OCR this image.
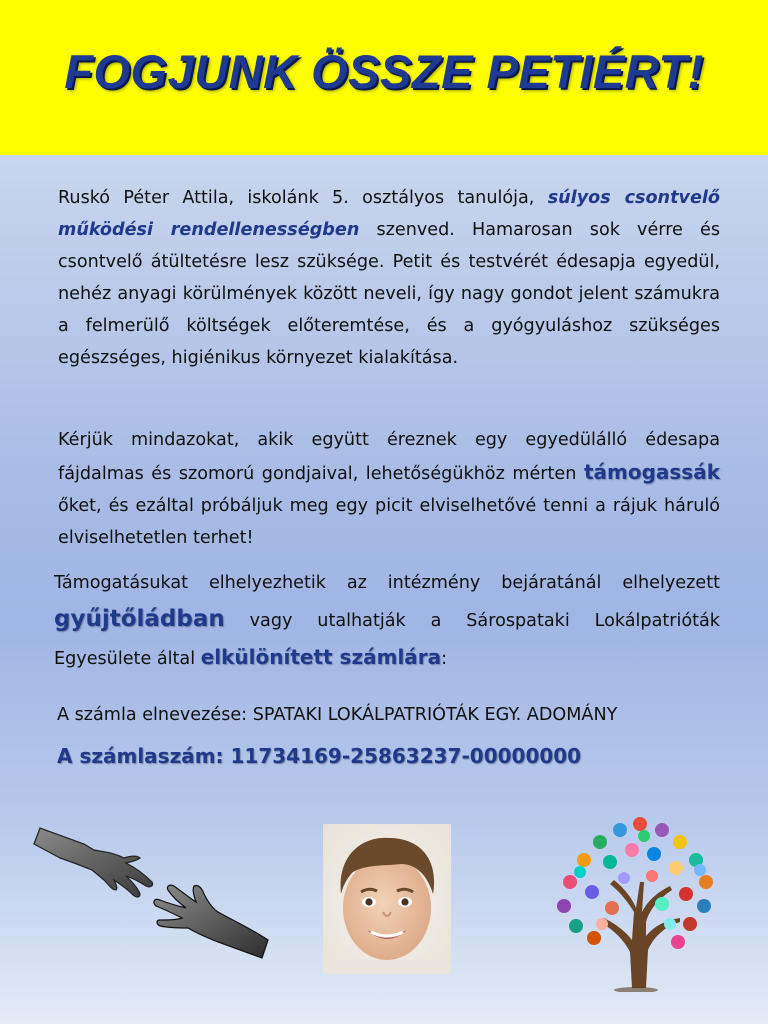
FOGJUNK ÖSSZE PETIÉRT!
Ruskó Péter Attila, iskolánk 5. osztályos tanulója, súlyos csontvelő működési rendellenességben szenved. Hamarosan sok vérre és csontvelő átültetésre lesz szüksége. Petit és testvérét édesapja egyedül, nehéz anyagi körülmények között neveli, így nagy gondot jelent számukra a felmerülő költségek előteremtése, és a gyógyuláshoz szükséges egészséges, higiénikus környezet kialakítása.
Kérjük mindazokat, akik együtt éreznek egy egyedülálló édesapa fájdalmas és szomorú gondjaival, lehetőségükhöz mérten támogassák őket, és ezáltal próbáljuk meg egy picit elviselhetővé tenni a rájuk háruló elviselhetetlen terhet!
Támogatásukat elhelyezhetik az intézmény bejáratánál elhelyezett gyűjtőládban vagy utalhatják a Sárospataki Lokálpatrióták Egyesülete által elkülönített számlára:
A számla elnevezése: SPATAKI LOKÁLPATRIÓTÁK EGY. ADOMÁNY
A számlaszám: 11734169-25863237-00000000
